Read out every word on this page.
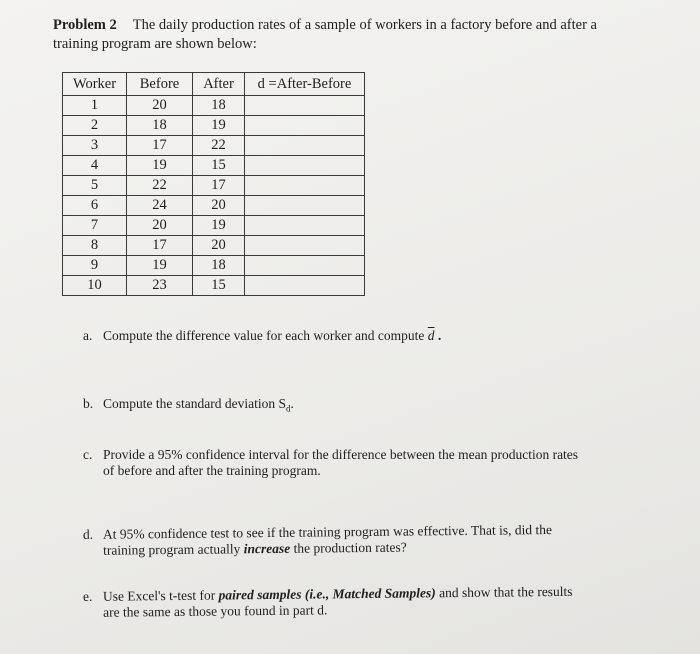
Problem 2 The daily production rates of a sample of workers in a factory before and after a
training program are shown below:
Worker	Before	After	d =After-Before
1	20	18	
2	18	19	
3	17	22	
4	19	15	
5	22	17	
6	24	20	
7	20	19	
8	17	20	
9	19	18	
10	23	15	
a. Compute the difference value for each worker and compute $\overline{d}$ .
b. Compute the standard deviation $S_d$.
c. Provide a 95% confidence interval for the difference between the mean production rates
of before and after the training program.
d. At 95% confidence test to see if the training program was effective. That is, did the
training program actually increase the production rates?
e. Use Excel's t-test for paired samples (i.e., Matched Samples) and show that the results
are the same as those you found in part d.
